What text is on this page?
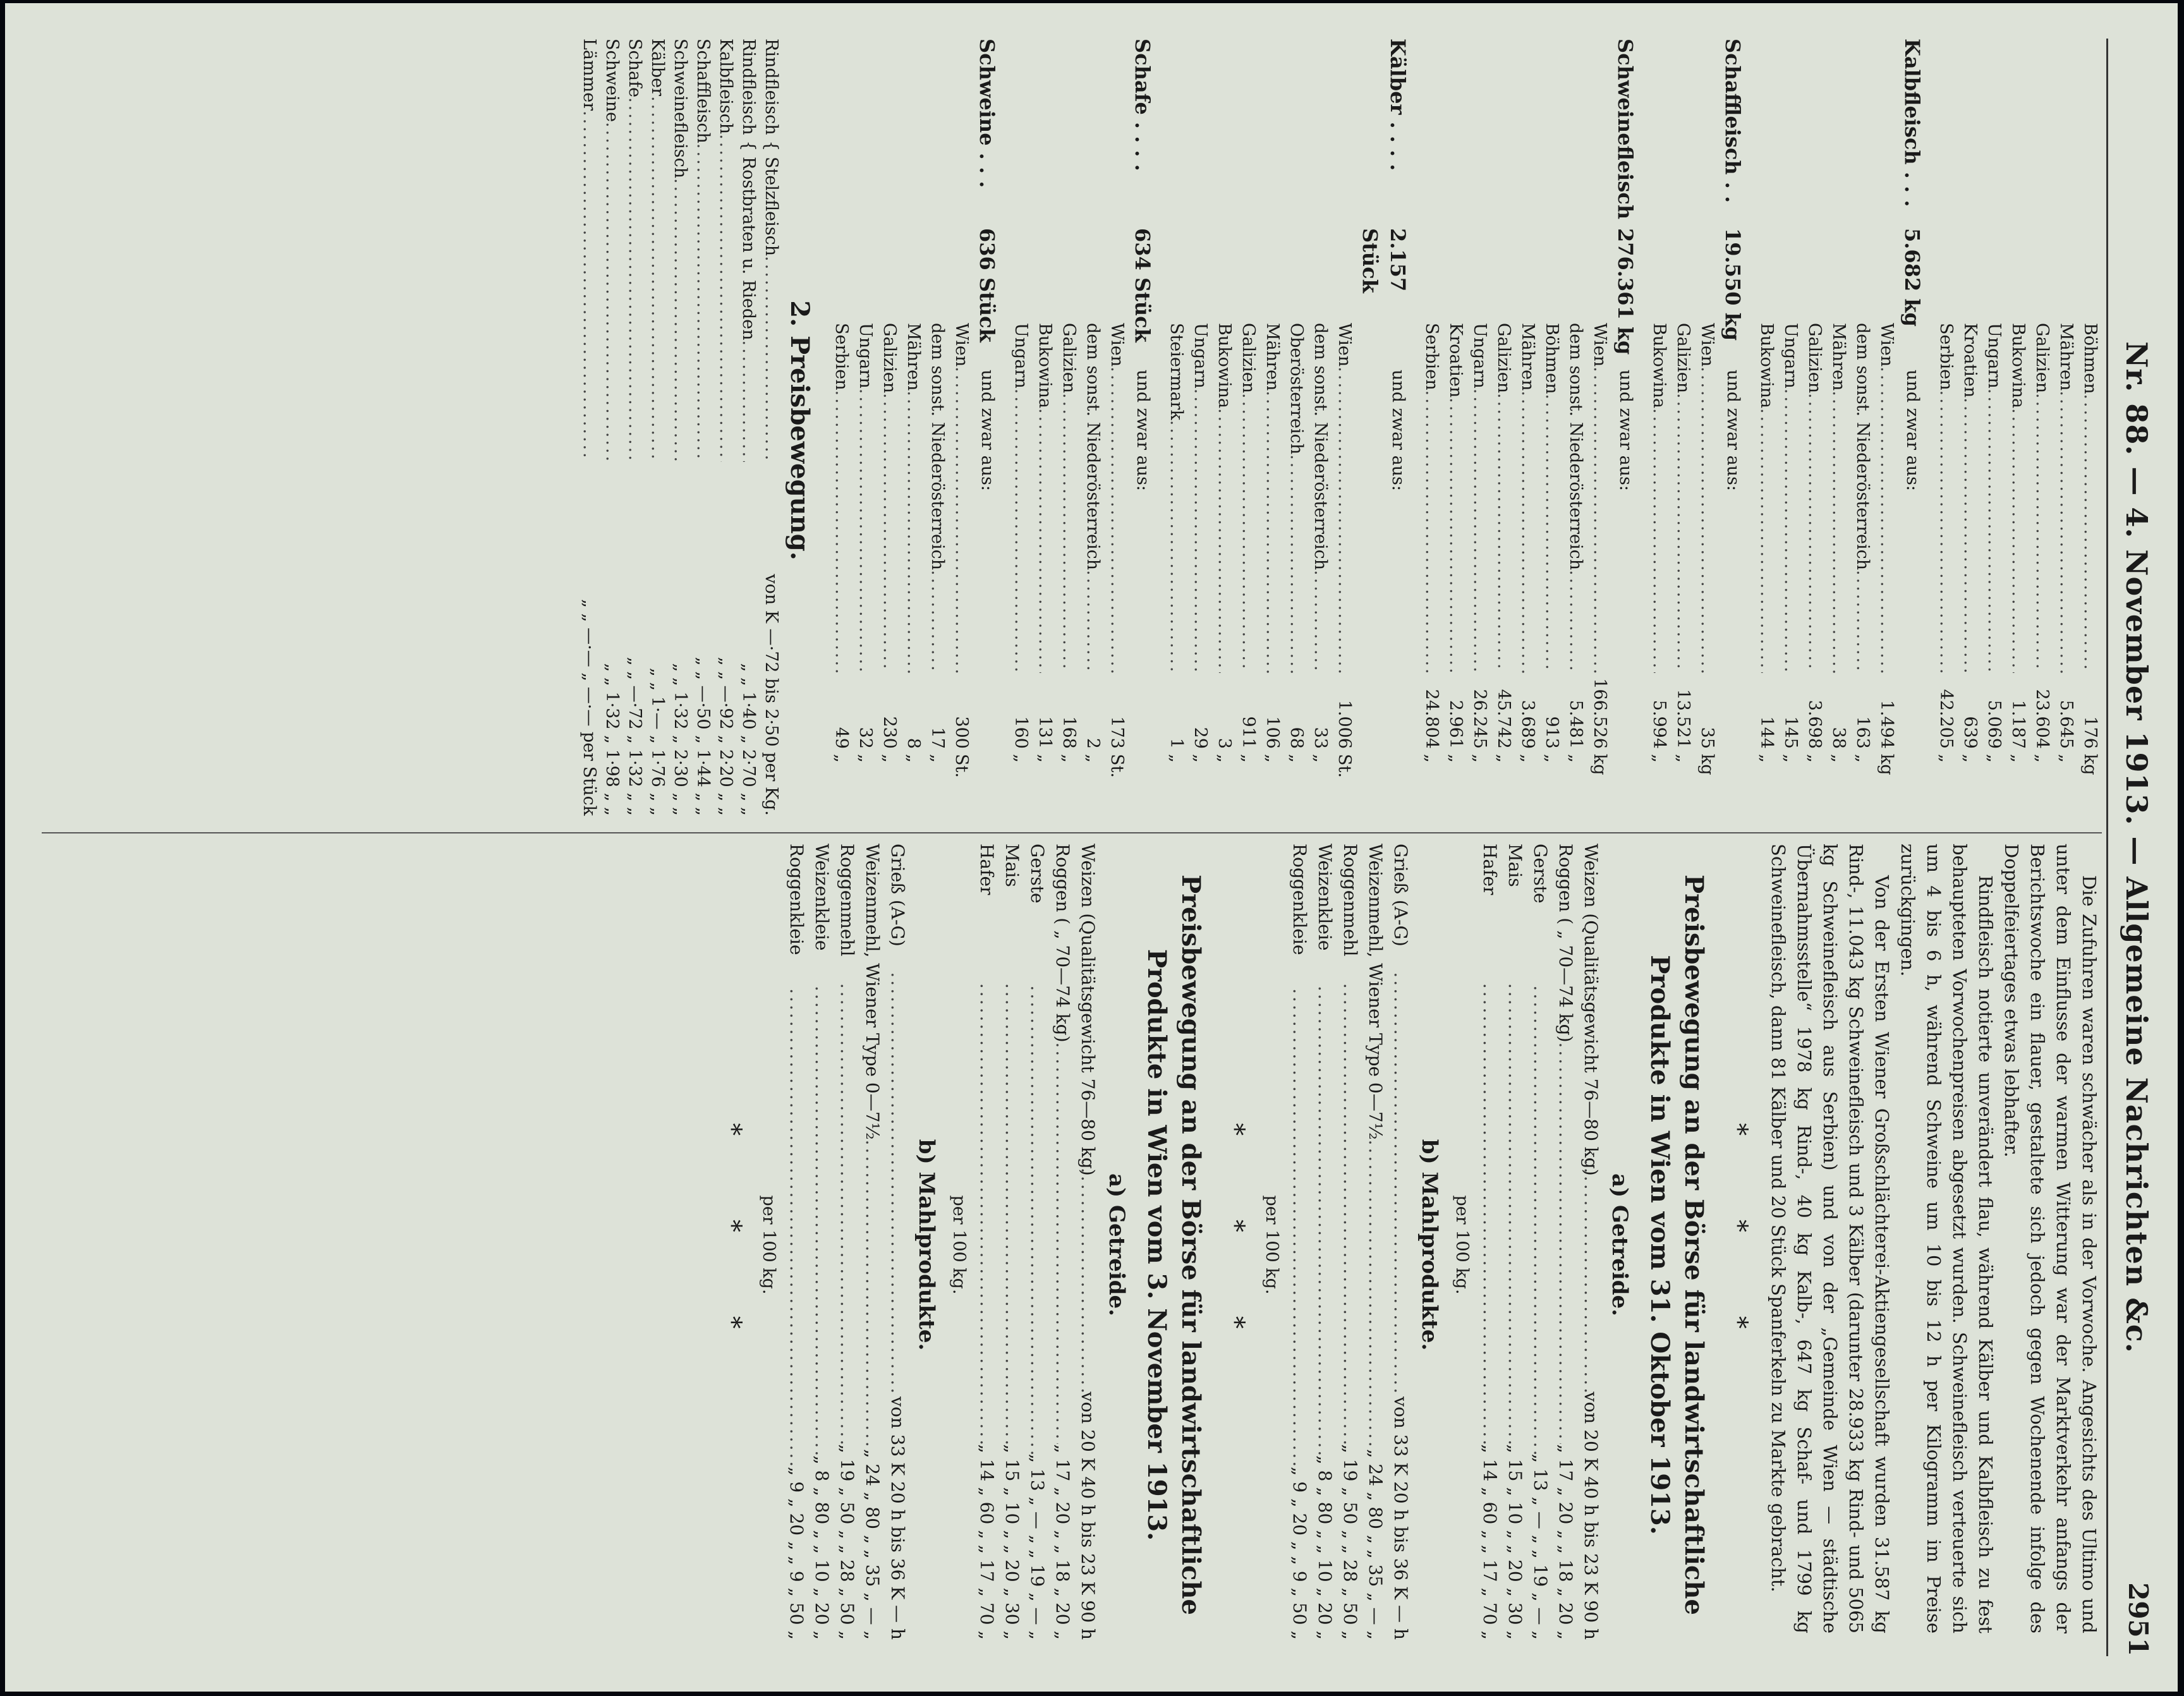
Nr. 88. — 4. November 1913. — Allgemeine Nachrichten &c.
2951
Böhmen
.....
176
kg
Mähren
.....
5.645
„
Galizien
.....
23.604
„
Bukowina
.....
1.187
„
Ungarn
.....
5.069
„
Kroatien
.....
639
„
Serbien
.....
42.205
„
Kalbfleisch . . .
5.682 kg
und zwar aus:
Wien
.....
1.494
kg
dem sonst. Niederösterreich
.....
163
„
Mähren
.....
38
„
Galizien
.....
3.698
„
Ungarn
.....
145
„
Bukowina
.....
144
„
Schaffleisch . .
19.550 kg
und zwar aus:
Wien
.....
35
kg
Galizien
.....
13.521
„
Bukowina
.....
5.994
„
Schweinefleisch
276.361 kg
und zwar aus:
Wien
.....
166.526
kg
dem sonst. Niederösterreich
.....
5.481
„
Böhmen
.....
913
„
Mähren
.....
3.689
„
Galizien
.....
45.742
„
Ungarn
.....
26.245
„
Kroatien
.....
2.961
„
Serbien
.....
24.804
„
Kälber . . . .
2.157 Stück
und zwar aus:
Wien
.....
1.006
St.
dem sonst. Niederösterreich
.....
33
„
Oberösterreich
.....
68
„
Mähren
.....
106
„
Galizien
.....
911
„
Bukowina
.....
3
„
Ungarn
.....
29
„
Steiermark
.....
1
„
Schafe . . . .
634 Stück
und zwar aus:
Wien
.....
173
St.
dem sonst. Niederösterreich
.....
2
„
Galizien
.....
168
„
Bukowina
.....
131
„
Ungarn
.....
160
„
Schweine . . .
636 Stück
und zwar aus:
Wien
.....
300
St.
dem sonst. Niederösterreich
.....
17
„
Mähren
.....
8
„
Galizien
.....
230
„
Ungarn
.....
32
„
Serbien
.....
49
„
2. Preisbewegung.
Rindfleisch { Stelzfleisch
.....
von K —·72 bis 2·50 per Kg.
Rindfleisch { Rostbraten u. Rieden
.....
„ „ 1·40 „ 2·70 „ „
Kalbfleisch
.....
„ „ —·92 „ 2·20 „ „
Schaffleisch
.....
„ „ —·50 „ 1·44 „ „
Schweinefleisch
.....
„ „ 1·32 „ 2·30 „ „
Kälber
.....
„ „ 1·— „ 1·76 „ „
Schafe
.....
„ „ —·72 „ 1·32 „ „
Schweine
.....
„ „ 1·32 „ 1·98 „ „
Lämmer
.....
„ „ —·— „ —·— per Stück

Die Zufuhren waren schwächer als in der Vorwoche. Angesichts des Ultimo und unter dem Einflusse der warmen Witterung war der Marktverkehr anfangs der Berichtswoche ein flauer, gestaltete sich jedoch gegen Wochenende infolge des Doppelfeiertages etwas lebhafter.

Rindfleisch notierte unverändert flau, während Kälber und Kalbfleisch zu fest behaupteten Vorwochenpreisen abgesetzt wurden. Schweinefleisch verteuerte sich um 4 bis 6 h, während Schweine um 10 bis 12 h per Kilogramm im Preise zurückgingen.

Von der Ersten Wiener Großschlächterei-Aktiengesellschaft wurden 31.587 kg Rind-, 11.043 kg Schweinefleisch und 3 Kälber (darunter 28.933 kg Rind- und 5065 kg Schweinefleisch aus Serbien) und von der „Gemeinde Wien — städtische Übernahmsstelle“ 1978 kg Rind-, 40 kg Kalb-, 647 kg Schaf- und 1799 kg Schweinefleisch, dann 81 Kälber und 20 Stück Spanferkeln zu Markte gebracht.

* * *
Preisbewegung an der Börse für landwirtschaftliche Produkte in Wien vom 31. Oktober 1913.
a) Getreide.
Weizen (Qualitätsgewicht 76—80 kg)
.....
von 20 K 40 h bis 23 K 90 h
Roggen ( „ 70—74 kg)
.....
„ 17 „ 20 „ „ 18 „ 20 „
Gerste
.....
„ 13 „ — „ „ 19 „ — „
Mais
.....
„ 15 „ 10 „ „ 20 „ 30 „
Hafer
.....
„ 14 „ 60 „ „ 17 „ 70 „
per 100 kg.
b) Mahlprodukte.
Grieß (A-G)
.....
von 33 K 20 h bis 36 K — h
Weizenmehl, Wiener Type 0—7½
.....
„ 24 „ 80 „ „ 35 „ — „
Roggenmehl
.....
„ 19 „ 50 „ „ 28 „ 50 „
Weizenkleie
.....
„ 8 „ 80 „ „ 10 „ 20 „
Roggenkleie
.....
„ 9 „ 20 „ „ 9 „ 50 „
per 100 kg.
* * *
Preisbewegung an der Börse für landwirtschaftliche Produkte in Wien vom 3. November 1913.
a) Getreide.
Weizen (Qualitätsgewicht 76—80 kg)
.....
von 20 K 40 h bis 23 K 90 h
Roggen ( „ 70—74 kg)
.....
„ 17 „ 20 „ „ 18 „ 20 „
Gerste
.....
„ 13 „ — „ „ 19 „ — „
Mais
.....
„ 15 „ 10 „ „ 20 „ 30 „
Hafer
.....
„ 14 „ 60 „ „ 17 „ 70 „
per 100 kg.
b) Mahlprodukte.
Grieß (A-G)
.....
von 33 K 20 h bis 36 K — h
Weizenmehl, Wiener Type 0—7½
.....
„ 24 „ 80 „ „ 35 „ — „
Roggenmehl
.....
„ 19 „ 50 „ „ 28 „ 50 „
Weizenkleie
.....
„ 8 „ 80 „ „ 10 „ 20 „
Roggenkleie
.....
„ 9 „ 20 „ „ 9 „ 50 „
per 100 kg.
* * *
